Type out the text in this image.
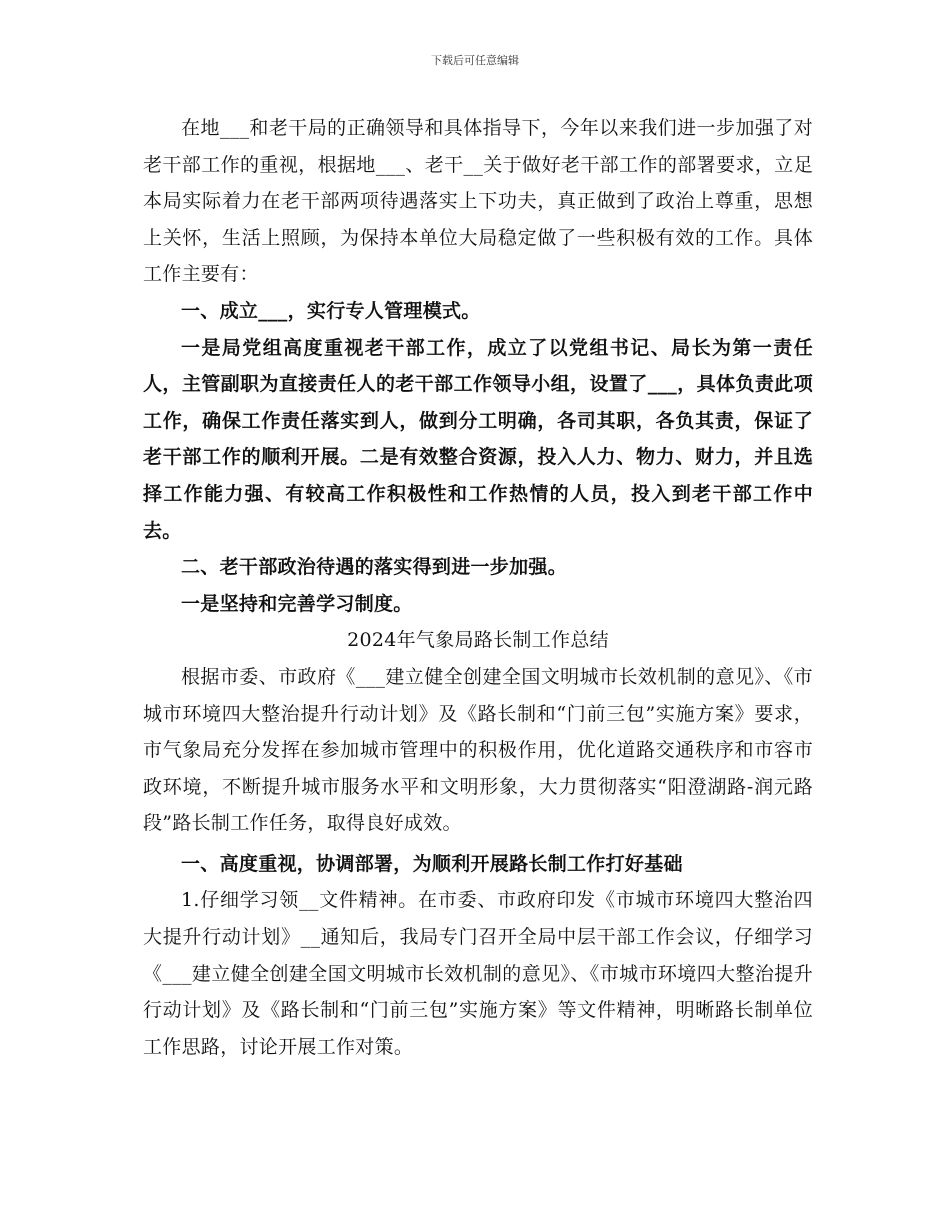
下载后可任意编辑

在地___和老干局的正确领导和具体指导下，今年以来我们进一步加强了对老干部工作的重视，根据地___、老干__关于做好老干部工作的部署要求，立足本局实际着力在老干部两项待遇落实上下功夫，真正做到了政治上尊重，思想上关怀，生活上照顾，为保持本单位大局稳定做了一些积极有效的工作。具体工作主要有：

一、成立___，实行专人管理模式。

一是局党组高度重视老干部工作，成立了以党组书记、局长为第一责任人，主管副职为直接责任人的老干部工作领导小组，设置了___，具体负责此项工作，确保工作责任落实到人，做到分工明确，各司其职，各负其责，保证了老干部工作的顺利开展。二是有效整合资源，投入人力、物力、财力，并且选择工作能力强、有较高工作积极性和工作热情的人员，投入到老干部工作中去。

二、老干部政治待遇的落实得到进一步加强。

一是坚持和完善学习制度。

2024年气象局路长制工作总结

根据市委、市政府《___建立健全创建全国文明城市长效机制的意见》、《市城市环境四大整治提升行动计划》及《路长制和“门前三包”实施方案》要求，市气象局充分发挥在参加城市管理中的积极作用，优化道路交通秩序和市容市政环境，不断提升城市服务水平和文明形象，大力贯彻落实“阳澄湖路-润元路段”路长制工作任务，取得良好成效。

一、高度重视，协调部署，为顺利开展路长制工作打好基础

1.仔细学习领__文件精神。在市委、市政府印发《市城市环境四大整治四大提升行动计划》__通知后，我局专门召开全局中层干部工作会议，仔细学习《___建立健全创建全国文明城市长效机制的意见》、《市城市环境四大整治提升行动计划》及《路长制和“门前三包”实施方案》等文件精神，明晰路长制单位工作思路，讨论开展工作对策。
